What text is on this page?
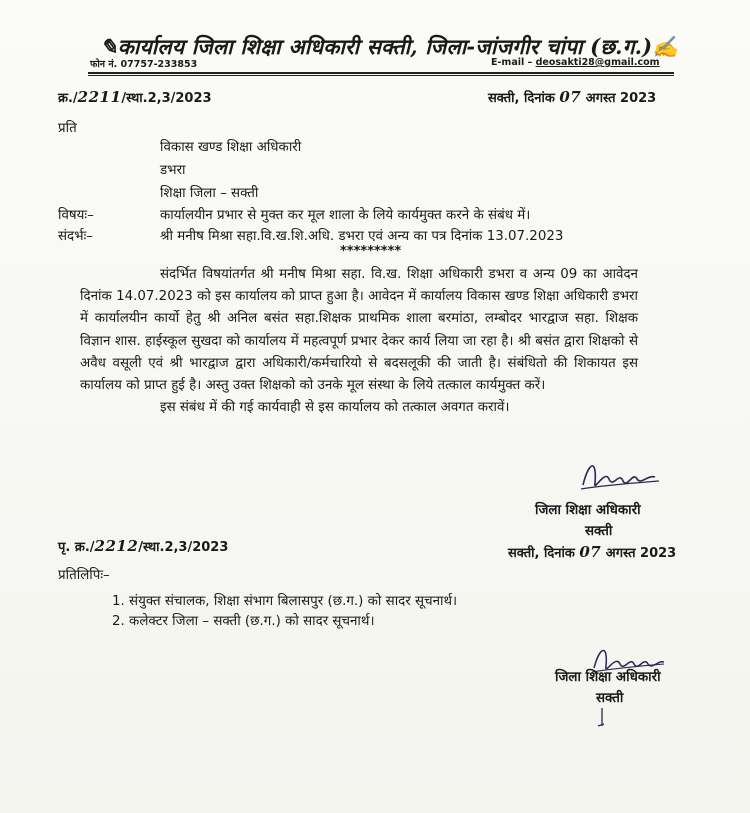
✎कार्यालय जिला शिक्षा अधिकारी सक्ती, जिला-जांजगीर चांपा (छ.ग.)✍
फोन नं. 07757-233853	E-mail – deosakti28@gmail.com
क्र./2211/स्था.2,3/2023	सक्ती, दिनांक 07 अगस्त 2023
प्रति
विकास खण्ड शिक्षा अधिकारी
डभरा
शिक्षा जिला – सक्ती
विषयः–	कार्यालयीन प्रभार से मुक्त कर मूल शाला के लिये कार्यमुक्त करने के संबंध में।
संदर्भः–	श्री मनीष मिश्रा सहा.वि.ख.शि.अधि. डभरा एवं अन्य का पत्र दिनांक 13.07.2023
*********

संदर्भित विषयांतर्गत श्री मनीष मिश्रा सहा. वि.ख. शिक्षा अधिकारी डभरा व अन्य 09 का आवेदन दिनांक 14.07.2023 को इस कार्यालय को प्राप्त हुआ है। आवेदन में कार्यालय विकास खण्ड शिक्षा अधिकारी डभरा में कार्यालयीन कार्यो हेतु श्री अनिल बसंत सहा.शिक्षक प्राथमिक शाला बरमांठा, लम्बोदर भारद्वाज सहा. शिक्षक विज्ञान शास. हाईस्कूल सुखदा को कार्यालय में महत्वपूर्ण प्रभार देकर कार्य लिया जा रहा है। श्री बसंत द्वारा शिक्षको से अवैध वसूली एवं श्री भारद्वाज द्वारा अधिकारी/कर्मचारियो से बदसलूकी की जाती है। संबंधितो की शिकायत इस कार्यालय को प्राप्त हुई है। अस्तु उक्त शिक्षको को उनके मूल संस्था के लिये तत्काल कार्यमुक्त करें।

इस संबंध में की गई कार्यवाही से इस कार्यालय को तत्काल अवगत करावें।

जिला शिक्षा अधिकारी
सक्ती
पृ. क्र./2212/स्था.2,3/2023	सक्ती, दिनांक 07 अगस्त 2023
प्रतिलिपिः–
1. संयुक्त संचालक, शिक्षा संभाग बिलासपुर (छ.ग.) को सादर सूचनार्थ।
2. कलेक्टर जिला – सक्ती (छ.ग.) को सादर सूचनार्थ।
जिला शिक्षा अधिकारी
सक्ती
